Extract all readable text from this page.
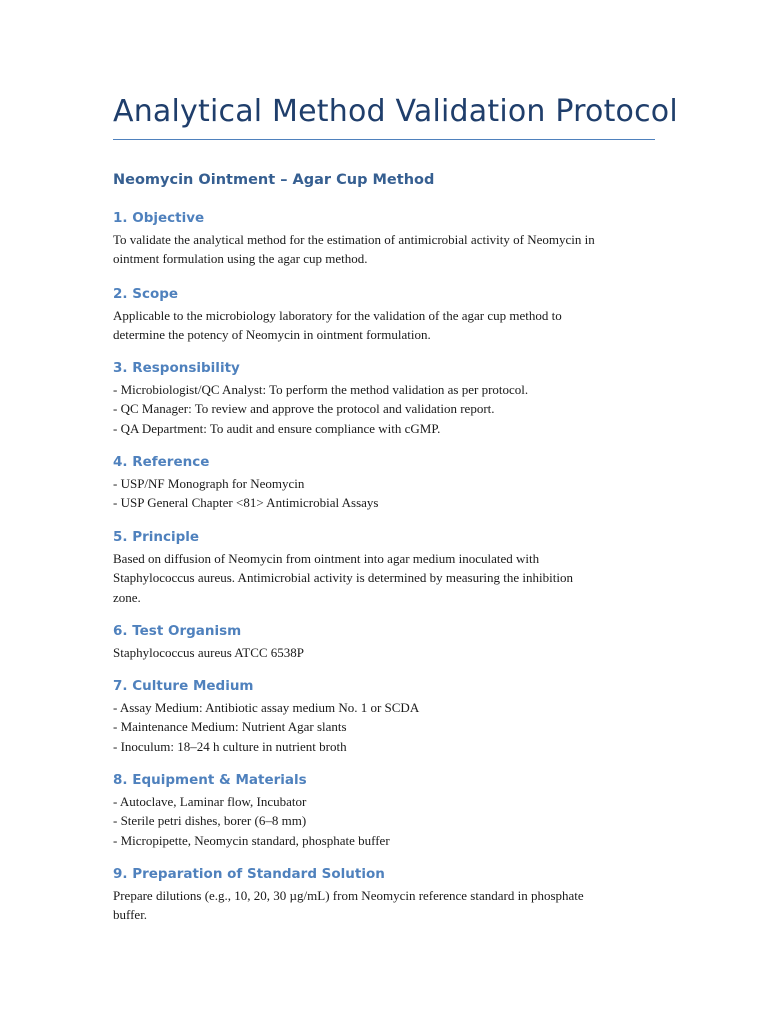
Analytical Method Validation Protocol
Neomycin Ointment – Agar Cup Method
1. Objective

To validate the analytical method for the estimation of antimicrobial activity of Neomycin in
ointment formulation using the agar cup method.

2. Scope

Applicable to the microbiology laboratory for the validation of the agar cup method to
determine the potency of Neomycin in ointment formulation.

3. Responsibility

- Microbiologist/QC Analyst: To perform the method validation as per protocol.
- QC Manager: To review and approve the protocol and validation report.
- QA Department: To audit and ensure compliance with cGMP.

4. Reference

- USP/NF Monograph for Neomycin
- USP General Chapter <81> Antimicrobial Assays

5. Principle

Based on diffusion of Neomycin from ointment into agar medium inoculated with
Staphylococcus aureus. Antimicrobial activity is determined by measuring the inhibition
zone.

6. Test Organism

Staphylococcus aureus ATCC 6538P

7. Culture Medium

- Assay Medium: Antibiotic assay medium No. 1 or SCDA
- Maintenance Medium: Nutrient Agar slants
- Inoculum: 18–24 h culture in nutrient broth

8. Equipment & Materials

- Autoclave, Laminar flow, Incubator
- Sterile petri dishes, borer (6–8 mm)
- Micropipette, Neomycin standard, phosphate buffer

9. Preparation of Standard Solution

Prepare dilutions (e.g., 10, 20, 30 µg/mL) from Neomycin reference standard in phosphate
buffer.
